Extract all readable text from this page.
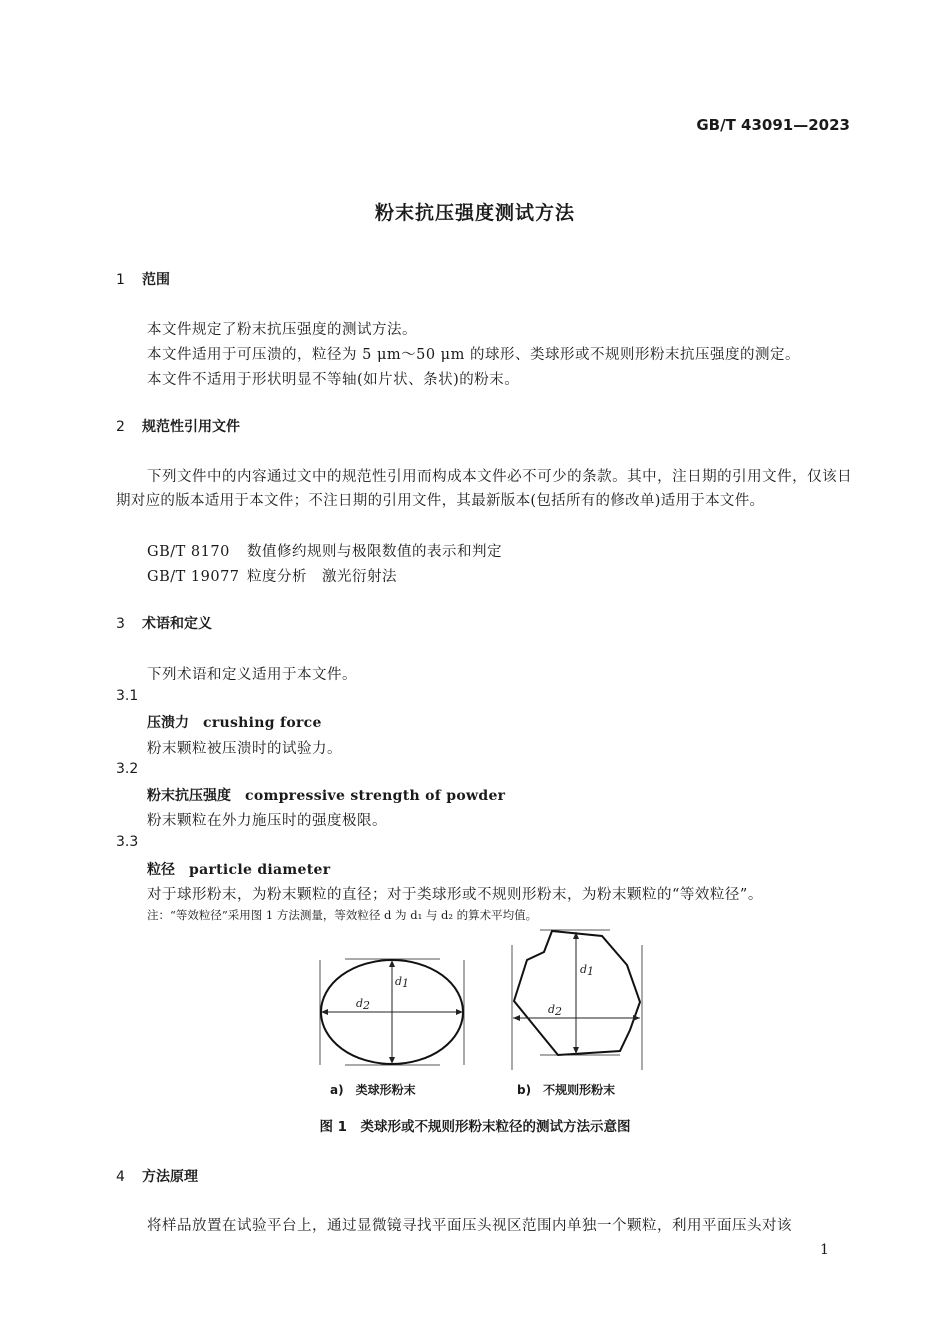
GB/T 43091—2023
粉末抗压强度测试方法
1 范围
本文件规定了粉末抗压强度的测试方法。
本文件适用于可压溃的，粒径为 5 μm～50 μm 的球形、类球形或不规则形粉末抗压强度的测定。
本文件不适用于形状明显不等轴(如片状、条状)的粉末。
2 规范性引用文件
下列文件中的内容通过文中的规范性引用而构成本文件必不可少的条款。其中，注日期的引用文件，仅该日期对应的版本适用于本文件；不注日期的引用文件，其最新版本(包括所有的修改单)适用于本文件。
GB/T 8170 数值修约规则与极限数值的表示和判定
GB/T 19077 粒度分析　激光衍射法
3 术语和定义
下列术语和定义适用于本文件。
3.1
压溃力 crushing force
粉末颗粒被压溃时的试验力。
3.2
粉末抗压强度 compressive strength of powder
粉末颗粒在外力施压时的强度极限。
3.3
粒径 particle diameter
对于球形粉末，为粉末颗粒的直径；对于类球形或不规则形粉末，为粉末颗粒的“等效粒径”。
注：“等效粒径”采用图 1 方法测量，等效粒径 d 为 d₁ 与 d₂ 的算术平均值。
d1
d2
d1
d2
a)　类球形粉末	b)　不规则形粉末
图 1　类球形或不规则形粉末粒径的测试方法示意图
4 方法原理
将样品放置在试验平台上，通过显微镜寻找平面压头视区范围内单独一个颗粒，利用平面压头对该
1
